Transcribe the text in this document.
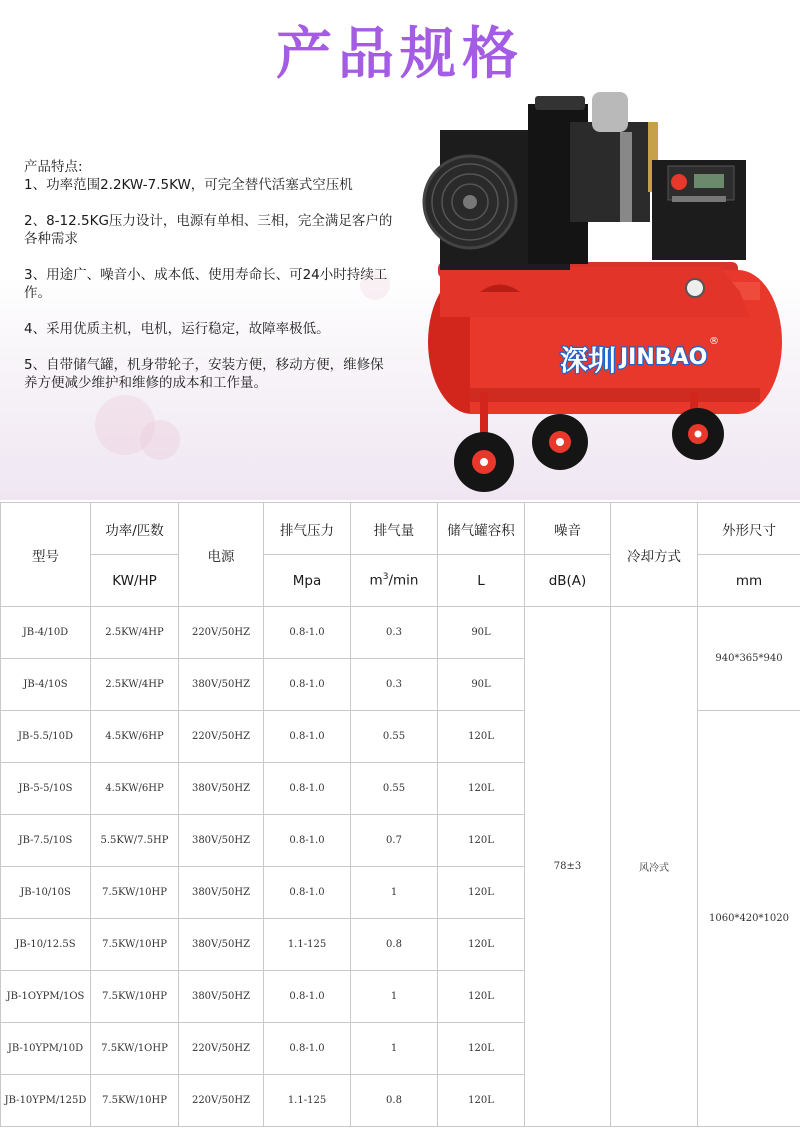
产品规格
产品特点:
1、功率范围2.2KW-7.5KW，可完全替代活塞式空压机
2、8-12.5KG压力设计，电源有单相、三相，完全满足客户的各种需求
3、用途广、噪音小、成本低、使用寿命长、可24小时持续工作。
4、采用优质主机，电机，运行稳定，故障率极低。
5、自带储气罐，机身带轮子，安装方便，移动方便，维修保养方便减少维护和维修的成本和工作量。
深圳 JINBAO
®
型号	功率/匹数	电源	排气压力	排气量	储气罐容积	噪音	冷却方式	外形尺寸
	KW/HP		Mpa	$m^3/\min$	L	dB(A)		mm
JB-4/10D	2.5KW/4HP	220V/50HZ	0.8-1.0	0.3	90L	78±3	风冷式	940*365*940
JB-4/10S	2.5KW/4HP	380V/50HZ	0.8-1.0	0.3	90L			
JB-5.5/10D	4.5KW/6HP	220V/50HZ	0.8-1.0	0.55	120L			1060*420*1020
JB-5-5/10S	4.5KW/6HP	380V/50HZ	0.8-1.0	0.55	120L			
JB-7.5/10S	5.5KW/7.5HP	380V/50HZ	0.8-1.0	0.7	120L			
JB-10/10S	7.5KW/10HP	380V/50HZ	0.8-1.0	1	120L			
JB-10/12.5S	7.5KW/10HP	380V/50HZ	1.1-125	0.8	120L			
JB-1OYPM/1OS	7.5KW/10HP	380V/50HZ	0.8-1.0	1	120L			
JB-10YPM/10D	7.5KW/1OHP	220V/50HZ	0.8-1.0	1	120L			
JB-10YPM/125D	7.5KW/10HP	220V/50HZ	1.1-125	0.8	120L			
